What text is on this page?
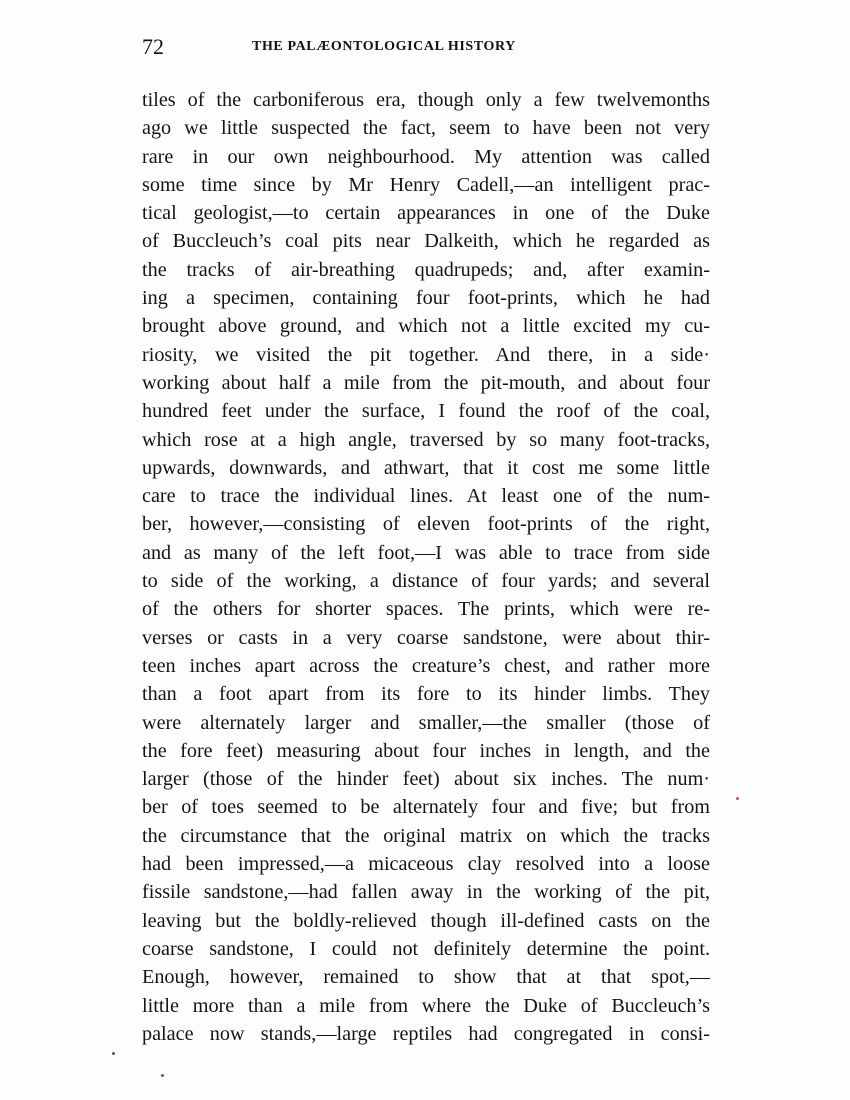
72	THE PALÆONTOLOGICAL HISTORY
tiles of the carboniferous era, though only a few twelvemonths
ago we little suspected the fact, seem to have been not very
rare in our own neighbourhood. My attention was called
some time since by Mr Henry Cadell,—an intelligent prac-
tical geologist,—to certain appearances in one of the Duke
of Buccleuch’s coal pits near Dalkeith, which he regarded as
the tracks of air-breathing quadrupeds; and, after examin-
ing a specimen, containing four foot-prints, which he had
brought above ground, and which not a little excited my cu-
riosity, we visited the pit together. And there, in a side·
working about half a mile from the pit-mouth, and about four
hundred feet under the surface, I found the roof of the coal,
which rose at a high angle, traversed by so many foot-tracks,
upwards, downwards, and athwart, that it cost me some little
care to trace the individual lines. At least one of the num-
ber, however,—consisting of eleven foot-prints of the right,
and as many of the left foot,—I was able to trace from side
to side of the working, a distance of four yards; and several
of the others for shorter spaces. The prints, which were re-
verses or casts in a very coarse sandstone, were about thir-
teen inches apart across the creature’s chest, and rather more
than a foot apart from its fore to its hinder limbs. They
were alternately larger and smaller,—the smaller (those of
the fore feet) measuring about four inches in length, and the
larger (those of the hinder feet) about six inches. The num·
ber of toes seemed to be alternately four and five; but from
the circumstance that the original matrix on which the tracks
had been impressed,—a micaceous clay resolved into a loose
fissile sandstone,—had fallen away in the working of the pit,
leaving but the boldly-relieved though ill-defined casts on the
coarse sandstone, I could not definitely determine the point.
Enough, however, remained to show that at that spot,—
little more than a mile from where the Duke of Buccleuch’s
palace now stands,—large reptiles had congregated in consi-
